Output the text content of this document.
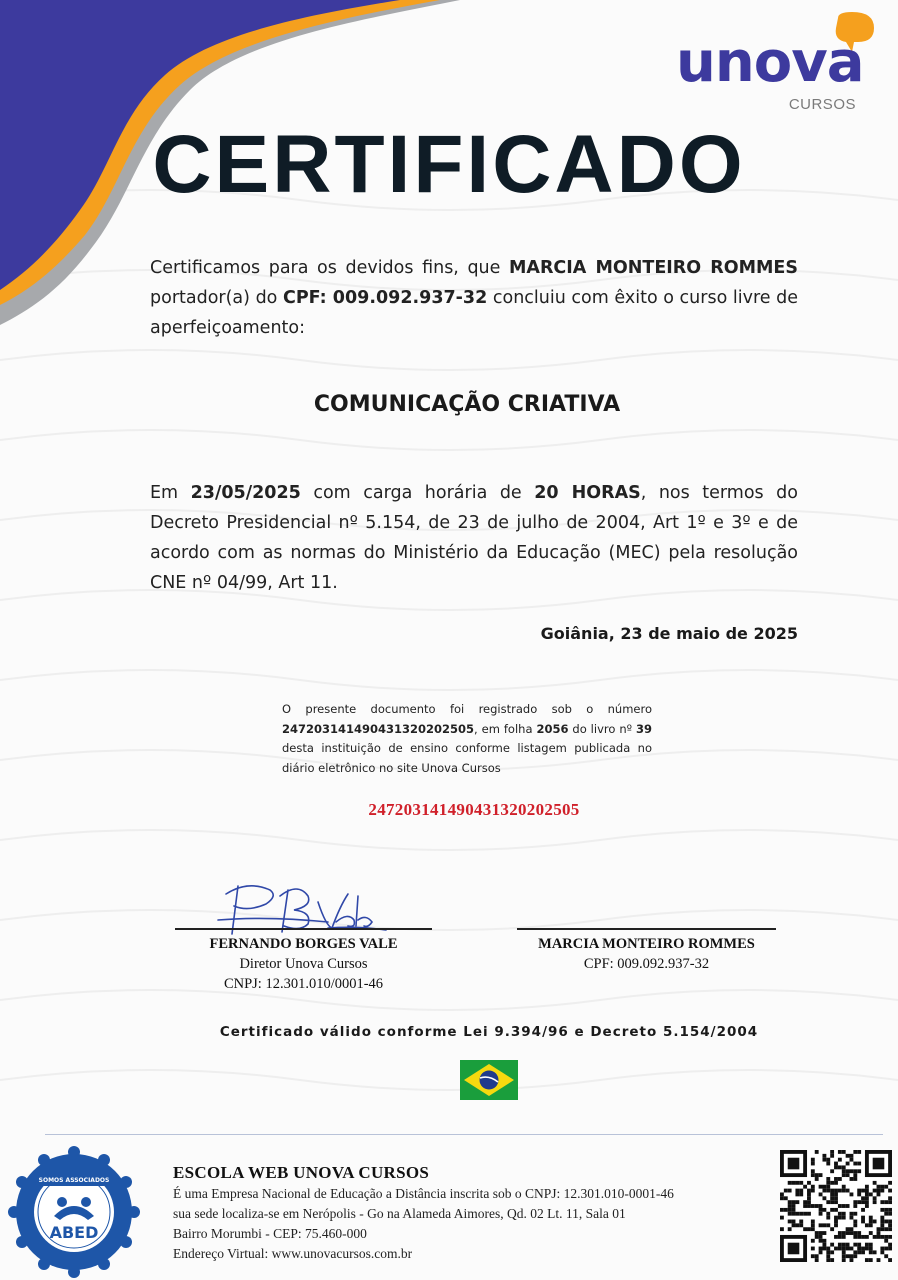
unova
CURSOS
CERTIFICADO
Certificamos para os devidos fins, que MARCIA MONTEIRO ROMMES portador(a) do CPF: 009.092.937-32 concluiu com êxito o curso livre de aperfeiçoamento:
COMUNICAÇÃO CRIATIVA
Em 23/05/2025 com carga horária de 20 HORAS, nos termos do Decreto Presidencial nº 5.154, de 23 de julho de 2004, Art 1º e 3º e de acordo com as normas do Ministério da Educação (MEC) pela resolução CNE nº 04/99, Art 11.
Goiânia, 23 de maio de 2025
O presente documento foi registrado sob o número 24720314149043132020250​5, em folha 2056 do livro nº 39 desta instituição de ensino conforme listagem publicada no diário eletrônico no site Unova Cursos
247203141490431320202505
FERNANDO BORGES VALE
Diretor Unova Cursos
CNPJ: 12.301.010/0001-46
MARCIA MONTEIRO ROMMES
CPF: 009.092.937-32
Certificado válido conforme Lei 9.394/96 e Decreto 5.154/2004
SOMOS ASSOCIADOS
ABED
ESCOLA WEB UNOVA CURSOS
É uma Empresa Nacional de Educação a Distância inscrita sob o CNPJ: 12.301.010-0001-46
sua sede localiza-se em Nerópolis - Go na Alameda Aimores, Qd. 02 Lt. 11, Sala 01
Bairro Morumbi - CEP: 75.460-000
Endereço Virtual: www.unovacursos.com.br
